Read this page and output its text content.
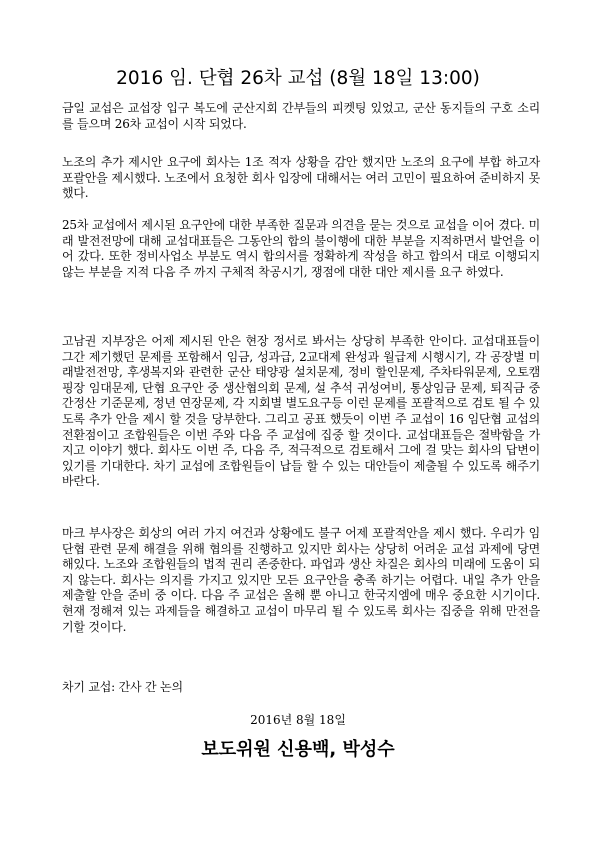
2016 임. 단협 26차 교섭 (8월 18일 13:00)

금일 교섭은 교섭장 입구 복도에 군산지회 간부들의 피켓팅 있었고, 군산 동지들의 구호 소리를 들으며 26차 교섭이 시작 되었다.

노조의 추가 제시안 요구에 회사는 1조 적자 상황을 감안 했지만 노조의 요구에 부합 하고자 포괄안을 제시했다. 노조에서 요청한 회사 입장에 대해서는 여러 고민이 필요하여 준비하지 못했다.

25차 교섭에서 제시된 요구안에 대한 부족한 질문과 의견을 묻는 것으로 교섭을 이어 겼다. 미래 발전전망에 대해 교섭대표들은 그동안의 합의 불이행에 대한 부분을 지적하면서 발언을 이어 갔다. 또한 정비사업소 부분도 역시 합의서를 정확하게 작성을 하고 합의서 대로 이행되지 않는 부분을 지적 다음 주 까지 구체적 착공시기, 쟁점에 대한 대안 제시를 요구 하였다.

고남권 지부장은 어제 제시된 안은 현장 정서로 봐서는 상당히 부족한 안이다. 교섭대표들이 그간 제기했던 문제를 포함해서 임금, 성과급, 2교대제 완성과 월급제 시행시기, 각 공장별 미래발전전망, 후생복지와 관련한 군산 태양광 설치문제, 정비 할인문제, 주차타워문제, 오토캠핑장 임대문제, 단협 요구안 중 생산협의회 문제, 설 추석 귀성여비, 통상임금 문제, 퇴직금 중간정산 기준문제, 정년 연장문제, 각 지회별 별도요구등 이런 문제를 포괄적으로 검토 될 수 있도록 추가 안을 제시 할 것을 당부한다. 그리고 공표 했듯이 이번 주 교섭이 16 임단협 교섭의 전환점이고 조합원들은 이번 주와 다음 주 교섭에 집중 할 것이다. 교섭대표들은 절박함을 가지고 이야기 했다. 회사도 이번 주, 다음 주, 적극적으로 검토해서 그에 걸 맞는 회사의 답변이 있기를 기대한다. 차기 교섭에 조합원들이 납들 할 수 있는 대안들이 제출될 수 있도록 해주기 바란다.

마크 부사장은 회상의 여러 가지 여건과 상황에도 불구 어제 포괄적안을 제시 했다. 우리가 임단협 관련 문제 해결을 위해 협의를 진행하고 있지만 회사는 상당히 어려운 교섭 과제에 당면해있다. 노조와 조합원들의 법적 권리 존중한다. 파업과 생산 차질은 회사의 미래에 도움이 되지 않는다. 회사는 의지를 가지고 있지만 모든 요구안을 충족 하기는 어렵다. 내일 추가 안을 제출할 안을 준비 중 이다. 다음 주 교섭은 올해 뿐 아니고 한국지엠에 매우 중요한 시기이다. 현재 정해져 있는 과제들을 해결하고 교섭이 마무리 될 수 있도록 회사는 집중을 위해 만전을 기할 것이다.

차기 교섭: 간사 간 논의

2016년 8월 18일
보도위원 신용백, 박성수
